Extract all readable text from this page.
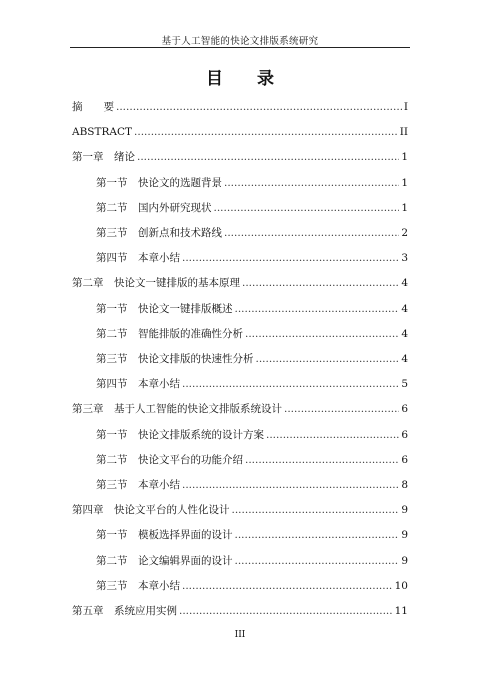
基于人工智能的快论文排版系统研究
目 录
摘　　要 .....	I
ABSTRACT .....	II
第一章　绪论 .....	1
第一节　快论文的选题背景 .....	1
第二节　国内外研究现状 .....	1
第三节　创新点和技术路线 .....	2
第四节　本章小结 .....	3
第二章　快论文一键排版的基本原理 .....	4
第一节　快论文一键排版概述 .....	4
第二节　智能排版的准确性分析 .....	4
第三节　快论文排版的快速性分析 .....	4
第四节　本章小结 .....	5
第三章　基于人工智能的快论文排版系统设计 .....	6
第一节　快论文排版系统的设计方案 .....	6
第二节　快论文平台的功能介绍 .....	6
第三节　本章小结 .....	8
第四章　快论文平台的人性化设计 .....	9
第一节　模板选择界面的设计 .....	9
第二节　论文编辑界面的设计 .....	9
第三节　本章小结 .....	10
第五章　系统应用实例 .....	11
III
